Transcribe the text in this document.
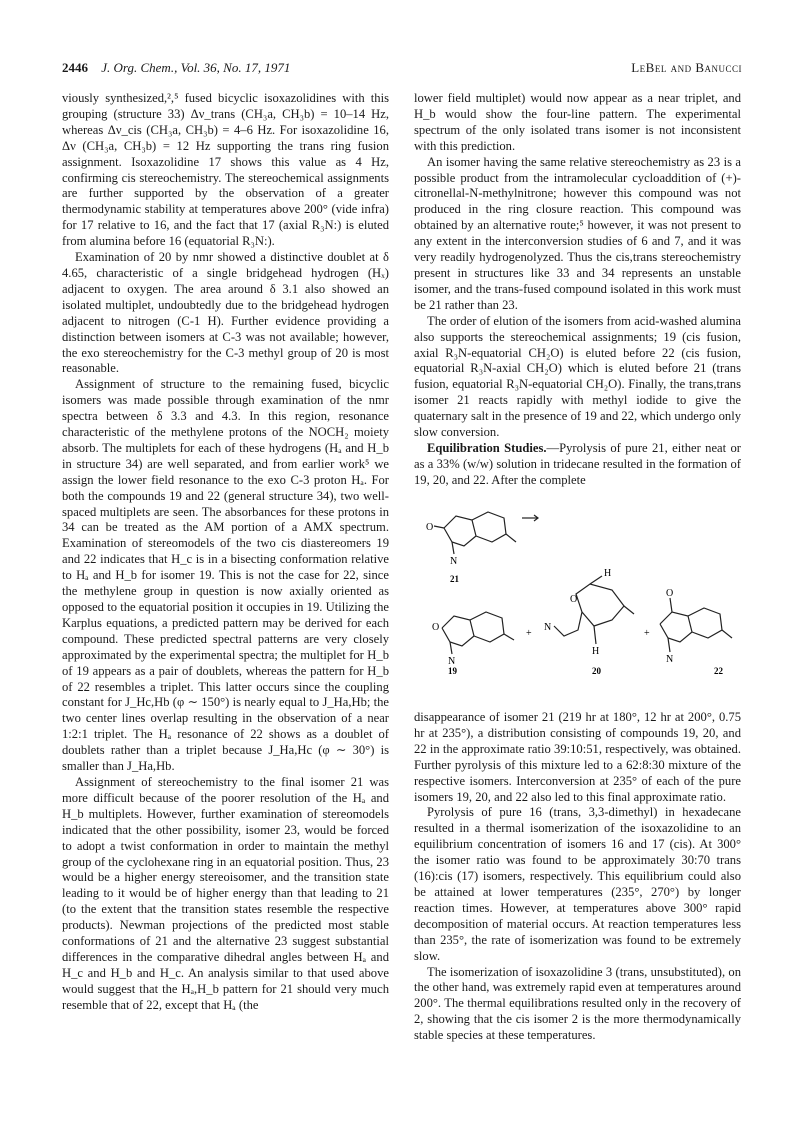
2446 J. Org. Chem., Vol. 36, No. 17, 1971	LeBel and Banucci

viously synthesized,²,⁵ fused bicyclic isoxazolidines with this grouping (structure 33) Δν_trans (CH₃a, CH₃b) = 10–14 Hz, whereas Δν_cis (CH₃a, CH₃b) = 4–6 Hz. For isoxazolidine 16, Δν (CH₃a, CH₃b) = 12 Hz supporting the trans ring fusion assignment. Isoxazolidine 17 shows this value as 4 Hz, confirming cis stereochemistry. The stereochemical assignments are further supported by the observation of a greater thermodynamic stability at temperatures above 200° (vide infra) for 17 relative to 16, and the fact that 17 (axial R₃N:) is eluted from alumina before 16 (equatorial R₃N:).

Examination of 20 by nmr showed a distinctive doublet at δ 4.65, characteristic of a single bridgehead hydrogen (Hₓ) adjacent to oxygen. The area around δ 3.1 also showed an isolated multiplet, undoubtedly due to the bridgehead hydrogen adjacent to nitrogen (C-1 H). Further evidence providing a distinction between isomers at C-3 was not available; however, the exo stereochemistry for the C-3 methyl group of 20 is most reasonable.

Assignment of structure to the remaining fused, bicyclic isomers was made possible through examination of the nmr spectra between δ 3.3 and 4.3. In this region, resonance characteristic of the methylene protons of the NOCH₂ moiety absorb. The multiplets for each of these hydrogens (Hₐ and H_b in structure 34) are well separated, and from earlier work⁵ we assign the lower field resonance to the exo C-3 proton Hₐ. For both the compounds 19 and 22 (general structure 34), two well-spaced multiplets are seen. The absorbances for these protons in 34 can be treated as the AM portion of a AMX spectrum. Examination of stereomodels of the two cis diastereomers 19 and 22 indicates that H_c is in a bisecting conformation relative to Hₐ and H_b for isomer 19. This is not the case for 22, since the methylene group in question is now axially oriented as opposed to the equatorial position it occupies in 19. Utilizing the Karplus equations, a predicted pattern may be derived for each compound. These predicted spectral patterns are very closely approximated by the experimental spectra; the multiplet for H_b of 19 appears as a pair of doublets, whereas the pattern for H_b of 22 resembles a triplet. This latter occurs since the coupling constant for J_Hc,Hb (φ ∼ 150°) is nearly equal to J_Ha,Hb; the two center lines overlap resulting in the observation of a near 1:2:1 triplet. The Hₐ resonance of 22 shows as a doublet of doublets rather than a triplet because J_Ha,Hc (φ ∼ 30°) is smaller than J_Ha,Hb.

Assignment of stereochemistry to the final isomer 21 was more difficult because of the poorer resolution of the Hₐ and H_b multiplets. However, further examination of stereomodels indicated that the other possibility, isomer 23, would be forced to adopt a twist conformation in order to maintain the methyl group of the cyclohexane ring in an equatorial position. Thus, 23 would be a higher energy stereoisomer, and the transition state leading to it would be of higher energy than that leading to 21 (to the extent that the transition states resemble the respective products). Newman projections of the predicted most stable conformations of 21 and the alternative 23 suggest substantial differences in the comparative dihedral angles between Hₐ and H_c and H_b and H_c. An analysis similar to that used above would suggest that the Hₐ,H_b pattern for 21 should very much resemble that of 22, except that Hₐ (the

lower field multiplet) would now appear as a near triplet, and H_b would show the four-line pattern. The experimental spectrum of the only isolated trans isomer is not inconsistent with this prediction.

An isomer having the same relative stereochemistry as 23 is a possible product from the intramolecular cycloaddition of (+)-citronellal-N-methylnitrone; however this compound was not produced in the ring closure reaction. This compound was obtained by an alternative route;⁵ however, it was not present to any extent in the interconversion studies of 6 and 7, and it was very readily hydrogenolyzed. Thus the cis,trans stereochemistry present in structures like 33 and 34 represents an unstable isomer, and the trans-fused compound isolated in this work must be 21 rather than 23.

The order of elution of the isomers from acid-washed alumina also supports the stereochemical assignments; 19 (cis fusion, axial R₃N-equatorial CH₂O) is eluted before 22 (cis fusion, equatorial R₃N-axial CH₂O) which is eluted before 21 (trans fusion, equatorial R₃N-equatorial CH₂O). Finally, the trans,trans isomer 21 reacts rapidly with methyl iodide to give the quaternary salt in the presence of 19 and 22, which undergo only slow conversion.

Equilibration Studies.—Pyrolysis of pure 21, either neat or as a 33% (w/w) solution in tridecane resulted in the formation of 19, 20, and 22. After the complete

O
N
21
O
N
19
+
N
O
H
H
20
+
O
N
22

disappearance of isomer 21 (219 hr at 180°, 12 hr at 200°, 0.75 hr at 235°), a distribution consisting of compounds 19, 20, and 22 in the approximate ratio 39:10:51, respectively, was obtained. Further pyrolysis of this mixture led to a 62:8:30 mixture of the respective isomers. Interconversion at 235° of each of the pure isomers 19, 20, and 22 also led to this final approximate ratio.

Pyrolysis of pure 16 (trans, 3,3-dimethyl) in hexadecane resulted in a thermal isomerization of the isoxazolidine to an equilibrium concentration of isomers 16 and 17 (cis). At 300° the isomer ratio was found to be approximately 30:70 trans (16):cis (17) isomers, respectively. This equilibrium could also be attained at lower temperatures (235°, 270°) by longer reaction times. However, at temperatures above 300° rapid decomposition of material occurs. At reaction temperatures less than 235°, the rate of isomerization was found to be extremely slow.

The isomerization of isoxazolidine 3 (trans, unsubstituted), on the other hand, was extremely rapid even at temperatures around 200°. The thermal equilibrations resulted only in the recovery of 2, showing that the cis isomer 2 is the more thermodynamically stable species at these temperatures.
